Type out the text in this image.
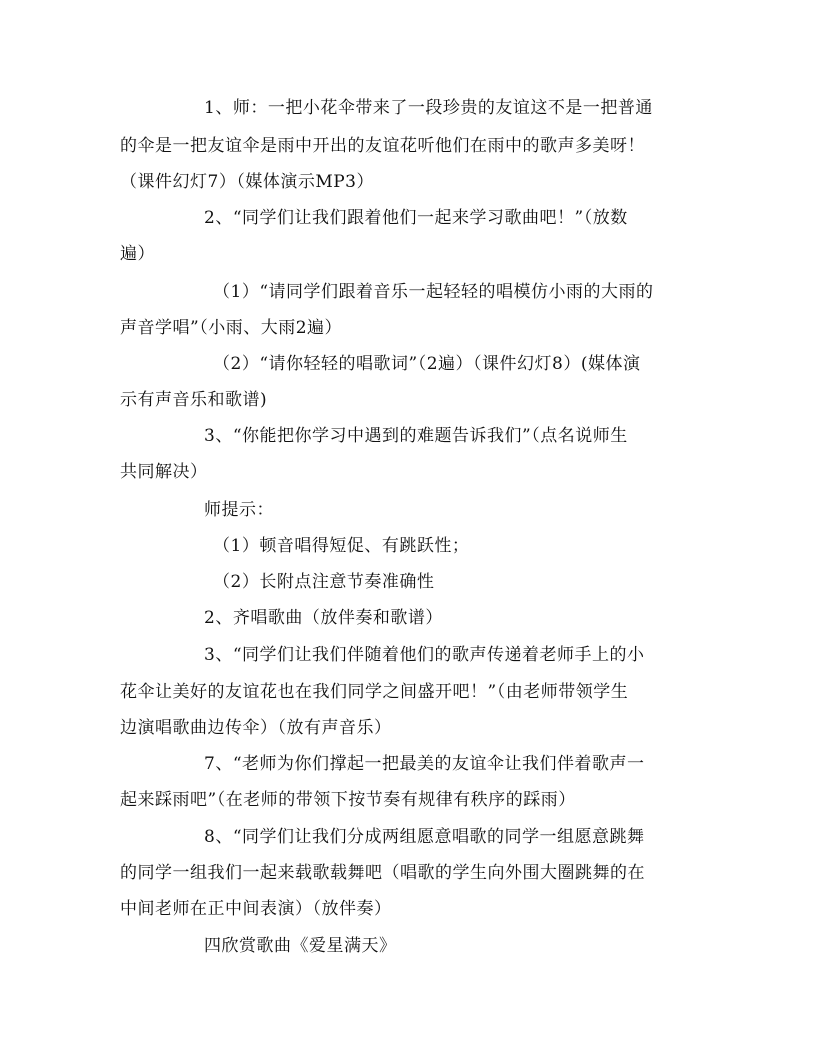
1、师：一把小花伞带来了一段珍贵的友谊这不是一把普通
的伞是一把友谊伞是雨中开出的友谊花听他们在雨中的歌声多美呀！
（课件幻灯7）（媒体演示MP3）
2、“同学们让我们跟着他们一起来学习歌曲吧！”（放数
遍）
（1）“请同学们跟着音乐一起轻轻的唱模仿小雨的大雨的
声音学唱”（小雨、大雨2遍）
（2）“请你轻轻的唱歌词”（2遍）（课件幻灯8）(媒体演
示有声音乐和歌谱)
3、“你能把你学习中遇到的难题告诉我们”（点名说师生
共同解决）
师提示：
（1）顿音唱得短促、有跳跃性；
（2）长附点注意节奏准确性
2、齐唱歌曲（放伴奏和歌谱）
3、“同学们让我们伴随着他们的歌声传递着老师手上的小
花伞让美好的友谊花也在我们同学之间盛开吧！”（由老师带领学生
边演唱歌曲边传伞）（放有声音乐）
7、“老师为你们撑起一把最美的友谊伞让我们伴着歌声一
起来踩雨吧”（在老师的带领下按节奏有规律有秩序的踩雨）
8、“同学们让我们分成两组愿意唱歌的同学一组愿意跳舞
的同学一组我们一起来载歌载舞吧（唱歌的学生向外围大圈跳舞的在
中间老师在正中间表演）（放伴奏）
四欣赏歌曲《爱星满天》
